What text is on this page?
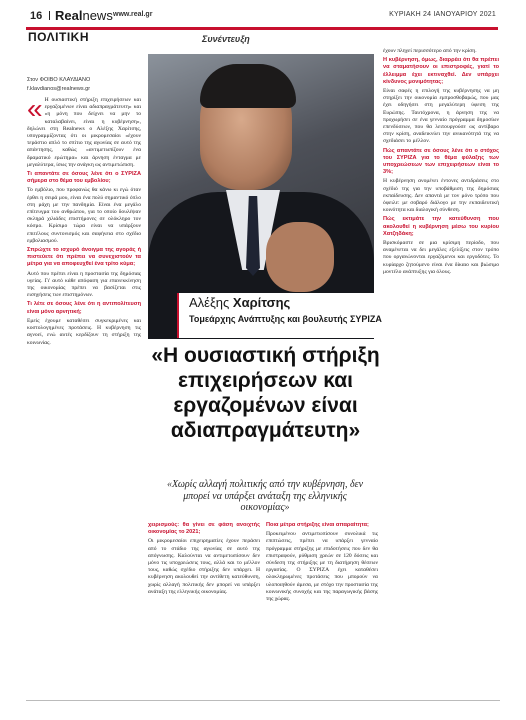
16 Realnews www.real.gr	ΚΥΡΙΑΚΗ 24 ΙΑΝΟΥΑΡΙΟΥ 2021
ΠΟΛΙΤΙΚΗ	Συνέντευξη
Στον ΦΟΙΒΟ ΚΛΑΥΔΙΑΝΟ
f.klavdianos@realnews.gr
Αλέξης Χαρίτσης
Τομεάρχης Ανάπτυξης και βουλευτής ΣΥΡΙΖΑ

« Η ουσιαστική στήριξη επιχειρήσεων και εργαζομένων είναι αδιαπραγμάτευτη» και «η μόνη που δείχνει να μην το καταλαβαίνει, είναι η κυβέρνηση», δηλώνει στη Realnews ο Αλέξης Χαρίτσης, υπογραμμίζοντας ότι οι μικρομεσαίοι «έχουν τεράστιο απλό το σπίτιο της αγωνίας σε αυτό της απάντησης, καθώς «αντιμετωπίζουν ένα δραματικό ερώτημα» και άρνηση ένταγμα με μεγαλύτερα, ίσως την ανάγκη ως αντιμετώπιση.

Τι απαντάτε σε όσους λένε ότι ο ΣΥΡΙΖΑ σήμερα στο θέμα του εμβολίου;

Το εμβόλιο, που προφανώς θα κάνω κι εγώ όταν έρθει η σειρά μου, είναι ένα πολύ σημαντικό όπλο στη μάχη με την πανδημία. Είναι ένα μεγάλο επίτευγμα του ανθρώπου, για το οποίο δουλέψαν σκληρά χιλιάδες επιστήμονες σε ολόκληρο τον κόσμο. Κρίσιμο τώρα είναι να υπάρξουν επιτέλους συντονισμός και σαφήνεια στο σχέδιο εμβολιασμού.

Σπρώχτε το ισχυρό άνοιγμα της αγοράς ή πιστεύετε ότι πρέπει να συνεχιστούν τα μέτρα για να αποφευχθεί ένα τρίτο κύμα;

Αυτό που πρέπει είναι η προστασία της δημόσιας υγείας. Γι' αυτό κάθε απόφαση για επανεκκίνηση της οικονομίας πρέπει να βασίζεται στις εισηγήσεις των επιστημόνων.

Τι λέτε σε όσους λένε ότι η αντιπολίτευση είναι μόνο αρνητική;

Εμείς έχουμε καταθέσει συγκεκριμένες και κοστολογημένες προτάσεις. Η κυβέρνηση τις αγνοεί, ενώ αυτές κερδίζουν τη στήριξη της κοινωνίας.

έχουν πληγεί περισσότερο από την κρίση.

Η κυβέρνηση, όμως, διαρρέει ότι θα πρέπει να σταματήσουν οι επιστροφές, γιατί το έλλειμμα έχει εκτιναχθεί. Δεν υπάρχει κίνδυνος μονιμότητας;

Είναι σαφές η επιλογή της κυβέρνησης να μη στηρίξει την οικονομία εμπροσθοβαρώς, που μας έχει οδηγήσει στη μεγαλύτερη ύφεση της Ευρώπης. Ταυτόχρονα, η άρνηση της να προχωρήσει σε ένα γενναίο πρόγραμμα δημοσίων επενδύσεων, που θα λειτουργούσε ως αντίβαρο στην κρίση, αναδεικνύει την ανικανότητά της να σχεδιάσει το μέλλον.

Πώς απαντάτε σε όσους λένε ότι ο στόχος του ΣΥΡΙΖΑ για το θέμα φύλαξης των υποχρεώσεων των επιχειρήσεων είναι το 3%;

Η κυβέρνηση ανομένει έντονες αντιδράσεις στο σχέδιό της για την υποβάθμιση της δημόσιας εκπαίδευσης. Δεν απαντά με τον μόνο τρόπο που όφειλε: με σοβαρό διάλογο με την εκπαιδευτική κοινότητα και διαλογική σύνθεση.

Πώς εκτιμάτε την κατεύθυνση που ακολουθεί η κυβέρνηση μέσω του κυρίου Χατζηδάκη;

Βρισκόμαστε σε μια κρίσιμη περίοδο, που αναμένεται να δει μεγάλες εξελίξεις στον τρόπο που οργανώνονται εργαζόμενοι και εργοδότες. Το κυρίαρχο ζητούμενο είναι ένα δίκαιο και βιώσιμο μοντέλο ανάπτυξης για όλους.

«Η ουσιαστική στήριξη επιχειρήσεων και εργαζομένων είναι αδιαπραγμάτευτη»
«Χωρίς αλλαγή πολιτικής από την κυβέρνηση, δεν μπορεί να υπάρξει ανάταξη της ελληνικής οικονομίας»

χειρισμούς: θα γίνει σε φάση ανοιχτής οικονομίας το 2021;

Οι μικρομεσαίοι επιχειρηματίες έχουν περάσει από το στάδιο της αγωνίας σε αυτό της απόγνωσης. Καλούνται να αντιμετωπίσουν δεν μόνο τις υποχρεώσεις τους, αλλά και το μέλλον τους, καθώς σχέδιο στήριξης δεν υπάρχει. Η κυβέρνηση ακολουθεί την αντίθετη κατεύθυνση, χωρίς αλλαγή πολιτικής δεν μπορεί να υπάρξει ανάταξη της ελληνικής οικονομίας.

Ποια μέτρα στήριξης είναι απαραίτητα;

Προκειμένου αντιμετωπίσουν συνολικά τις επιπτώσεις, πρέπει να υπάρξει γενναίο πρόγραμμα στήριξης με επιδοτήσεις που δεν θα επιστραφούν, ρύθμιση χρεών σε 120 δόσεις και σύνδεση της στήριξης με τη διατήρηση θέσεων εργασίας. Ο ΣΥΡΙΖΑ έχει καταθέσει ολοκληρωμένες προτάσεις που μπορούν να υλοποιηθούν άμεσα, με στόχο την προστασία της κοινωνικής συνοχής και της παραγωγικής βάσης της χώρας.
